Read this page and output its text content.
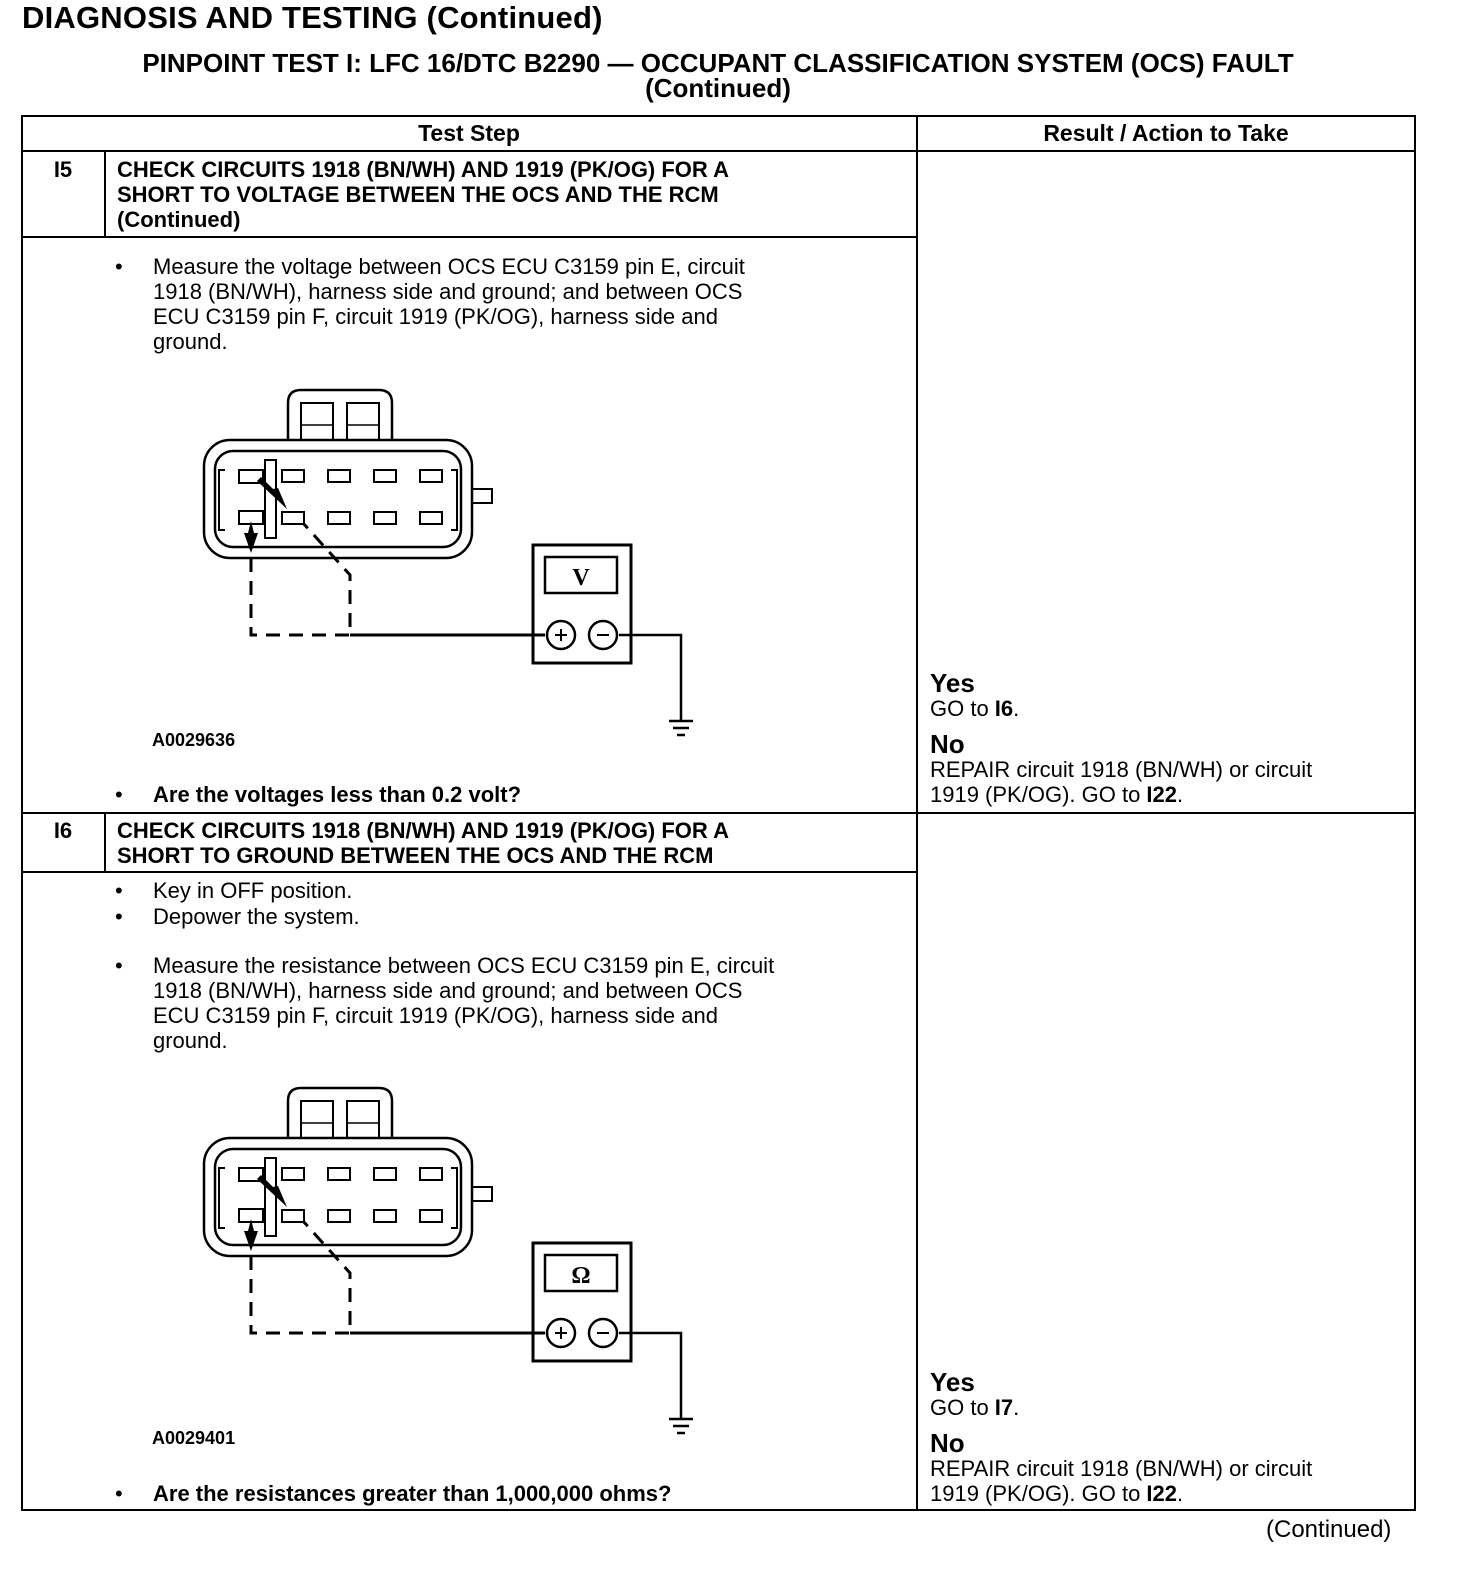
DIAGNOSIS AND TESTING (Continued)
PINPOINT TEST I: LFC 16/DTC B2290 — OCCUPANT CLASSIFICATION SYSTEM (OCS) FAULT
(Continued)
Test Step	Result / Action to Take
I5	CHECK CIRCUITS 1918 (BN/WH) AND 1919 (PK/OG) FOR A
SHORT TO VOLTAGE BETWEEN THE OCS AND THE RCM
(Continued)
• Measure the voltage between OCS ECU C3159 pin E, circuit
1918 (BN/WH), harness side and ground; and between OCS
ECU C3159 pin F, circuit 1919 (PK/OG), harness side and
ground.
V
A0029636
• Are the voltages less than 0.2 volt?
Yes
GO to I6.
No
REPAIR circuit 1918 (BN/WH) or circuit
1919 (PK/OG). GO to I22.
I6	CHECK CIRCUITS 1918 (BN/WH) AND 1919 (PK/OG) FOR A
SHORT TO GROUND BETWEEN THE OCS AND THE RCM
• Key in OFF position.
• Depower the system.
• Measure the resistance between OCS ECU C3159 pin E, circuit
1918 (BN/WH), harness side and ground; and between OCS
ECU C3159 pin F, circuit 1919 (PK/OG), harness side and
ground.
Ω
A0029401
• Are the resistances greater than 1,000,000 ohms?
Yes
GO to I7.
No
REPAIR circuit 1918 (BN/WH) or circuit
1919 (PK/OG). GO to I22.
(Continued)
